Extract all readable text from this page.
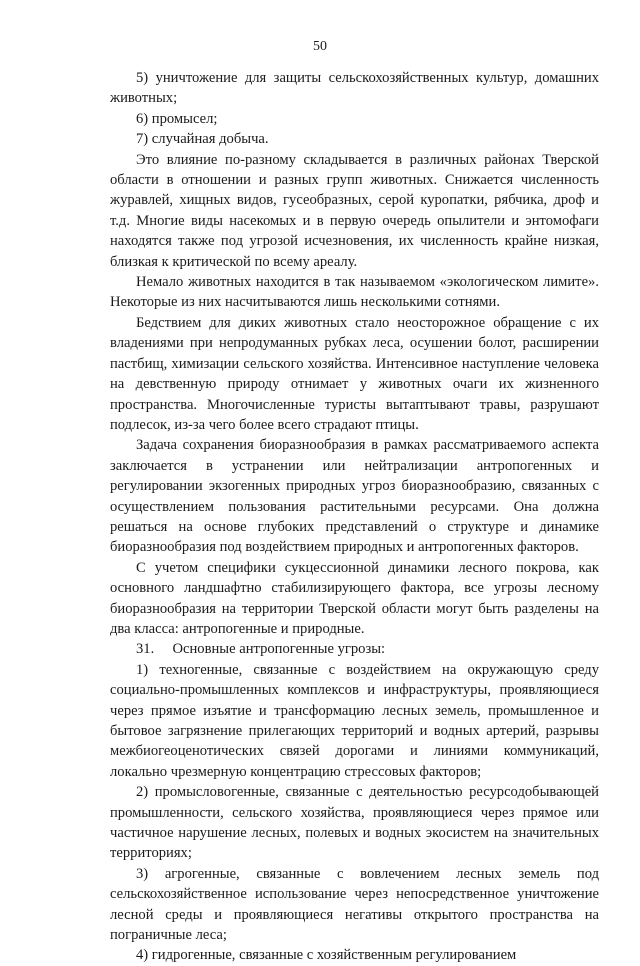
50

5) уничтожение для защиты сельскохозяйственных культур, домашних животных;

6) промысел;

7) случайная добыча.

Это влияние по-разному складывается в различных районах Тверской области в отношении и разных групп животных. Снижается численность журавлей, хищных видов, гусеобразных, серой куропатки, рябчика, дроф и т.д. Многие виды насекомых и в первую очередь опылители и энтомофаги находятся также под угрозой исчезновения, их численность крайне низкая, близкая к критической по всему ареалу.

Немало животных находится в так называемом «экологическом лимите». Некоторые из них насчитываются лишь несколькими сотнями.

Бедствием для диких животных стало неосторожное обращение с их владениями при непродуманных рубках леса, осушении болот, расширении пастбищ, химизации сельского хозяйства. Интенсивное наступление человека на девственную природу отнимает у животных очаги их жизненного пространства. Многочисленные туристы вытаптывают травы, разрушают подлесок, из-за чего более всего страдают птицы.

Задача сохранения биоразнообразия в рамках рассматриваемого аспекта заключается в устранении или нейтрализации антропогенных и регулировании экзогенных природных угроз биоразнообразию, связанных с осуществлением пользования растительными ресурсами. Она должна решаться на основе глубоких представлений о структуре и динамике биоразнообразия под воздействием природных и антропогенных факторов.

С учетом специфики сукцессионной динамики лесного покрова, как основного ландшафтно стабилизирующего фактора, все угрозы лесному биоразнообразия на территории Тверской области могут быть разделены на два класса: антропогенные и природные.

31.     Основные антропогенные угрозы:

1) техногенные, связанные с воздействием на окружающую среду социально-промышленных комплексов и инфраструктуры, проявляющиеся через прямое изъятие и трансформацию лесных земель, промышленное и бытовое загрязнение прилегающих территорий и водных артерий, разрывы межбиогеоценотических связей дорогами и линиями коммуникаций, локально чрезмерную концентрацию стрессовых факторов;

2) промысловогенные, связанные с деятельностью ресурсодобывающей промышленности, сельского хозяйства, проявляющиеся через прямое или частичное нарушение лесных, полевых и водных экосистем на значительных территориях;

3) агрогенные, связанные с вовлечением лесных земель под сельскохозяйственное использование через непосредственное уничтожение лесной среды и проявляющиеся негативы открытого пространства на пограничные леса;

4) гидрогенные, связанные с хозяйственным регулированием
